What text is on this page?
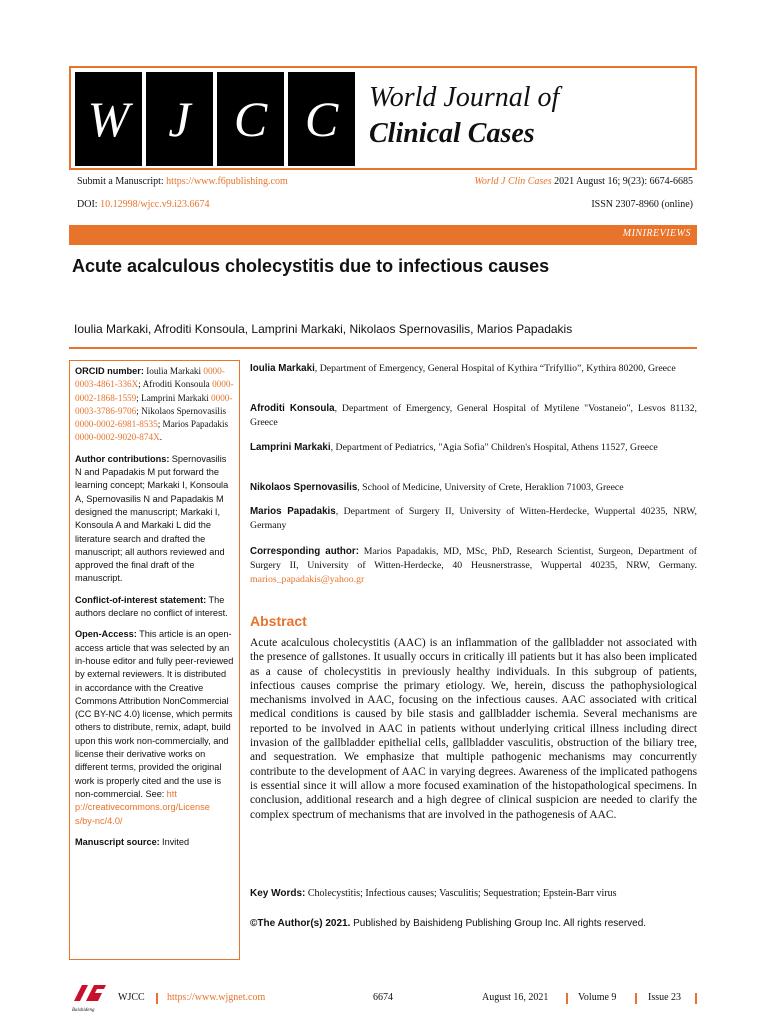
W J C C	World Journal of
Clinical Cases
Submit a Manuscript: https://www.f6publishing.com	World J Clin Cases 2021 August 16; 9(23): 6674-6685
DOI: 10.12998/wjcc.v9.i23.6674	ISSN 2307-8960 (online)
MINIREVIEWS
Acute acalculous cholecystitis due to infectious causes
Ioulia Markaki, Afroditi Konsoula, Lamprini Markaki, Nikolaos Spernovasilis, Marios Papadakis

ORCID number: Ioulia Markaki 0000-0003-4861-336X; Afroditi Konsoula 0000-0002-1868-1559; Lamprini Markaki 0000-0003-3786-9706; Nikolaos Spernovasilis 0000-0002-6981-8535; Marios Papadakis 0000-0002-9020-874X.

Author contributions: Spernovasilis N and Papadakis M put forward the learning concept; Markaki I, Konsoula A, Spernovasilis N and Papadakis M designed the manuscript; Markaki I, Konsoula A and Markaki L did the literature search and drafted the manuscript; all authors reviewed and approved the final draft of the manuscript.

Conflict-of-interest statement: The authors declare no conflict of interest.

Open-Access: This article is an open-access article that was selected by an in-house editor and fully peer-reviewed by external reviewers. It is distributed in accordance with the Creative Commons Attribution NonCommercial (CC BY-NC 4.0) license, which permits others to distribute, remix, adapt, build upon this work non-commercially, and license their derivative works on different terms, provided the original work is properly cited and the use is non-commercial. See: htt
p://creativecommons.org/License
s/by-nc/4.0/

Manuscript source: Invited

Ioulia Markaki, Department of Emergency, General Hospital of Kythira “Trifyllio”, Kythira 80200, Greece
Afroditi Konsoula, Department of Emergency, General Hospital of Mytilene "Vostaneio", Lesvos 81132, Greece
Lamprini Markaki, Department of Pediatrics, "Agia Sofia" Children's Hospital, Athens 11527, Greece
Nikolaos Spernovasilis, School of Medicine, University of Crete, Heraklion 71003, Greece
Marios Papadakis, Department of Surgery II, University of Witten-Herdecke, Wuppertal 40235, NRW, Germany
Corresponding author: Marios Papadakis, MD, MSc, PhD, Research Scientist, Surgeon, Department of Surgery II, University of Witten-Herdecke, 40 Heusnerstrasse, Wuppertal 40235, NRW, Germany. marios_papadakis@yahoo.gr
Abstract
Acute acalculous cholecystitis (AAC) is an inflammation of the gallbladder not associated with the presence of gallstones. It usually occurs in critically ill patients but it has also been implicated as a cause of cholecystitis in previously healthy individuals. In this subgroup of patients, infectious causes comprise the primary etiology. We, herein, discuss the pathophysiological mechanisms involved in AAC, focusing on the infectious causes. AAC associated with critical medical conditions is caused by bile stasis and gallbladder ischemia. Several mechanisms are reported to be involved in AAC in patients without underlying critical illness including direct invasion of the gallbladder epithelial cells, gallbladder vasculitis, obstruction of the biliary tree, and sequestration. We emphasize that multiple pathogenic mechanisms may concurrently contribute to the development of AAC in varying degrees. Awareness of the implicated pathogens is essential since it will allow a more focused examination of the histopathological specimens. In conclusion, additional research and a high degree of clinical suspicion are needed to clarify the complex spectrum of mechanisms that are involved in the pathogenesis of AAC.
Key Words: Cholecystitis; Infectious causes; Vasculitis; Sequestration; Epstein-Barr virus
©The Author(s) 2021. Published by Baishideng Publishing Group Inc. All rights reserved.
Baishideng
WJCC https://www.wjgnet.com	6674	August 16, 2021	Volume 9	Issue 23
